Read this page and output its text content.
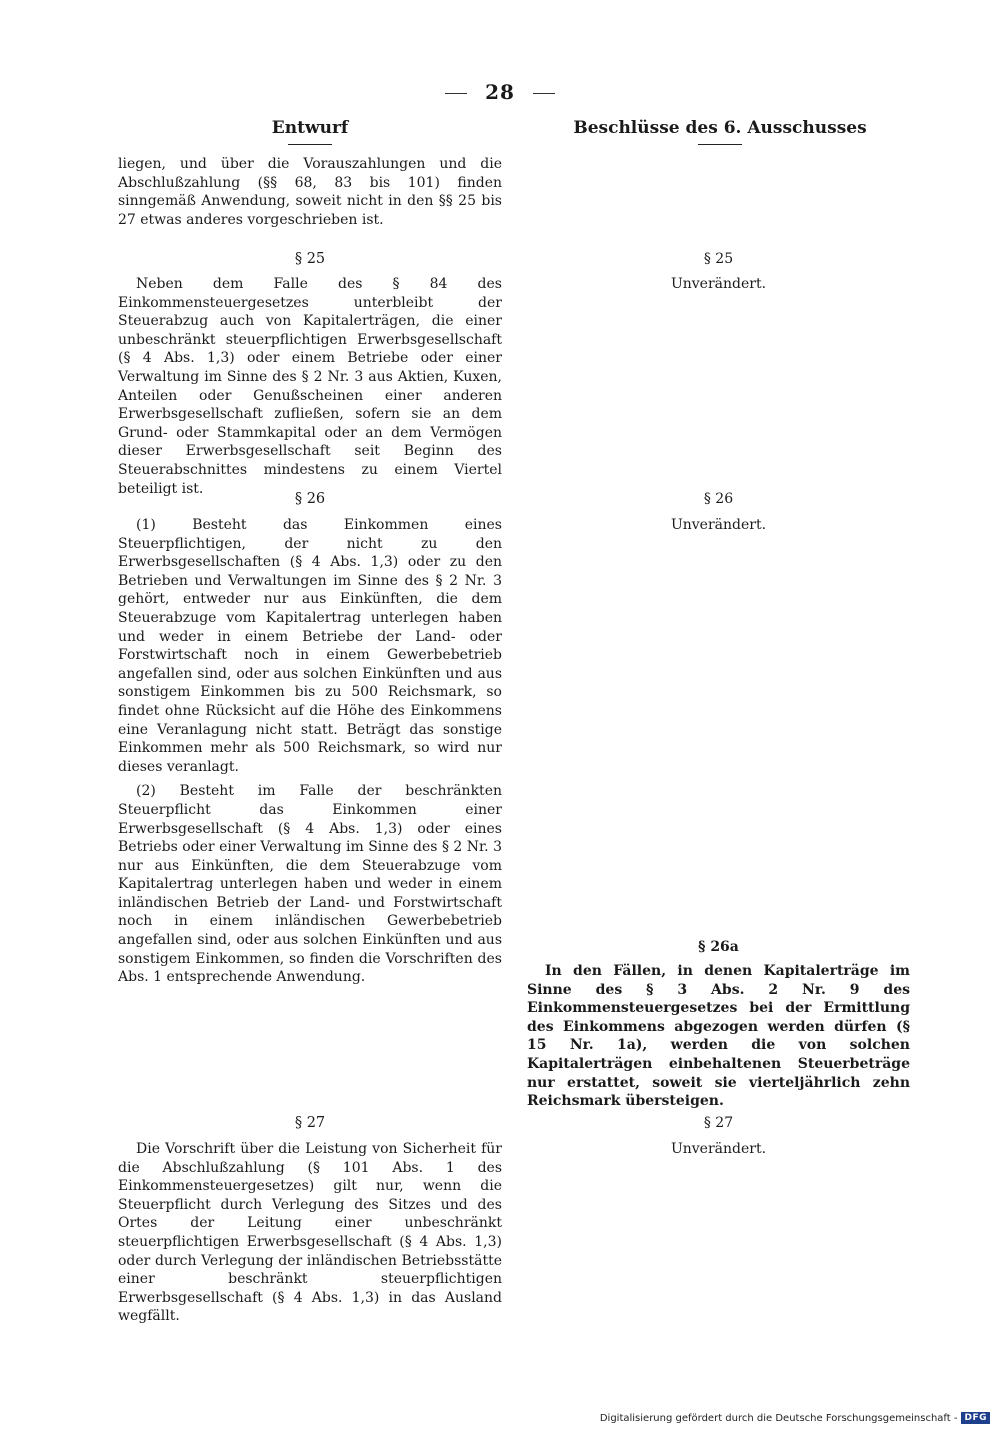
28
Entwurf	Beschlüsse des 6. Ausschusses

liegen, und über die Vorauszahlungen und die Abschlußzahlung (§§ 68, 83 bis 101) finden sinngemäß Anwendung, soweit nicht in den §§ 25 bis 27 etwas anderes vorgeschrieben ist.

§ 25

Neben dem Falle des § 84 des Einkommensteuergesetzes unterbleibt der Steuerabzug auch von Kapitalerträgen, die einer unbeschränkt steuerpflichtigen Erwerbsgesellschaft (§ 4 Abs. 1,3) oder einem Betriebe oder einer Verwaltung im Sinne des § 2 Nr. 3 aus Aktien, Kuxen, Anteilen oder Genußscheinen einer anderen Erwerbsgesellschaft zufließen, sofern sie an dem Grund- oder Stammkapital oder an dem Vermögen dieser Erwerbsgesellschaft seit Beginn des Steuerabschnittes mindestens zu einem Viertel beteiligt ist.

§ 26

(1) Besteht das Einkommen eines Steuerpflichtigen, der nicht zu den Erwerbsgesellschaften (§ 4 Abs. 1,3) oder zu den Betrieben und Verwaltungen im Sinne des § 2 Nr. 3 gehört, entweder nur aus Einkünften, die dem Steuerabzuge vom Kapitalertrag unterlegen haben und weder in einem Betriebe der Land- oder Forstwirtschaft noch in einem Gewerbebetrieb angefallen sind, oder aus solchen Einkünften und aus sonstigem Einkommen bis zu 500 Reichsmark, so findet ohne Rücksicht auf die Höhe des Einkommens eine Veranlagung nicht statt. Beträgt das sonstige Einkommen mehr als 500 Reichsmark, so wird nur dieses veranlagt.

(2) Besteht im Falle der beschränkten Steuerpflicht das Einkommen einer Erwerbsgesellschaft (§ 4 Abs. 1,3) oder eines Betriebs oder einer Verwaltung im Sinne des § 2 Nr. 3 nur aus Einkünften, die dem Steuerabzuge vom Kapitalertrag unterlegen haben und weder in einem inländischen Betrieb der Land- und Forstwirtschaft noch in einem inländischen Gewerbebetrieb angefallen sind, oder aus solchen Einkünften und aus sonstigem Einkommen, so finden die Vorschriften des Abs. 1 entsprechende Anwendung.

§ 27

Die Vorschrift über die Leistung von Sicherheit für die Abschlußzahlung (§ 101 Abs. 1 des Einkommensteuergesetzes) gilt nur, wenn die Steuerpflicht durch Verlegung des Sitzes und des Ortes der Leitung einer unbeschränkt steuerpflichtigen Erwerbsgesellschaft (§ 4 Abs. 1,3) oder durch Verlegung der inländischen Betriebsstätte einer beschränkt steuerpflichtigen Erwerbsgesellschaft (§ 4 Abs. 1,3) in das Ausland wegfällt.

§ 25
Unverändert.
§ 26
Unverändert.
§ 26a

In den Fällen, in denen Kapitalerträge im Sinne des § 3 Abs. 2 Nr. 9 des Einkommensteuergesetzes bei der Ermittlung des Einkommens abgezogen werden dürfen (§ 15 Nr. 1a), werden die von solchen Kapitalerträgen einbehaltenen Steuerbeträge nur erstattet, soweit sie vierteljährlich zehn Reichsmark übersteigen.

§ 27
Unverändert.
Digitalisierung gefördert durch die Deutsche Forschungsgemeinschaft - DFG
